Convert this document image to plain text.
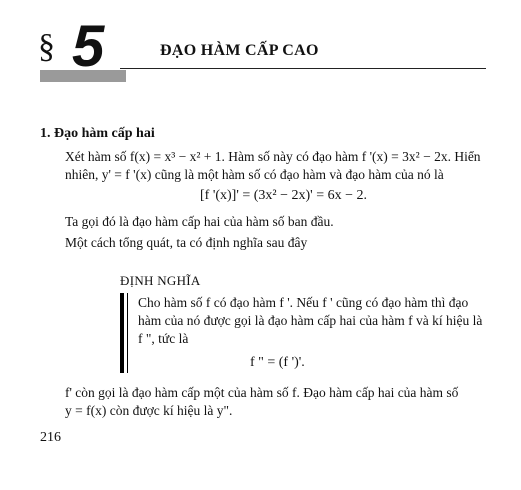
§ 5	ĐẠO HÀM CẤP CAO
1. Đạo hàm cấp hai
Xét hàm số f(x) = x³ − x² + 1. Hàm số này có đạo hàm f '(x) = 3x² − 2x. Hiển
nhiên, y' = f '(x) cũng là một hàm số có đạo hàm và đạo hàm của nó là
[f '(x)]' = (3x² − 2x)' = 6x − 2.
Ta gọi đó là đạo hàm cấp hai của hàm số ban đầu.
Một cách tổng quát, ta có định nghĩa sau đây
ĐỊNH NGHĨA
Cho hàm số f có đạo hàm f '. Nếu f ' cũng có đạo hàm thì đạo
hàm của nó được gọi là đạo hàm cấp hai của hàm f và kí hiệu là
f ", tức là
f " = (f ')'.
f' còn gọi là đạo hàm cấp một của hàm số f. Đạo hàm cấp hai của hàm số
y = f(x) còn được kí hiệu là y".
216
